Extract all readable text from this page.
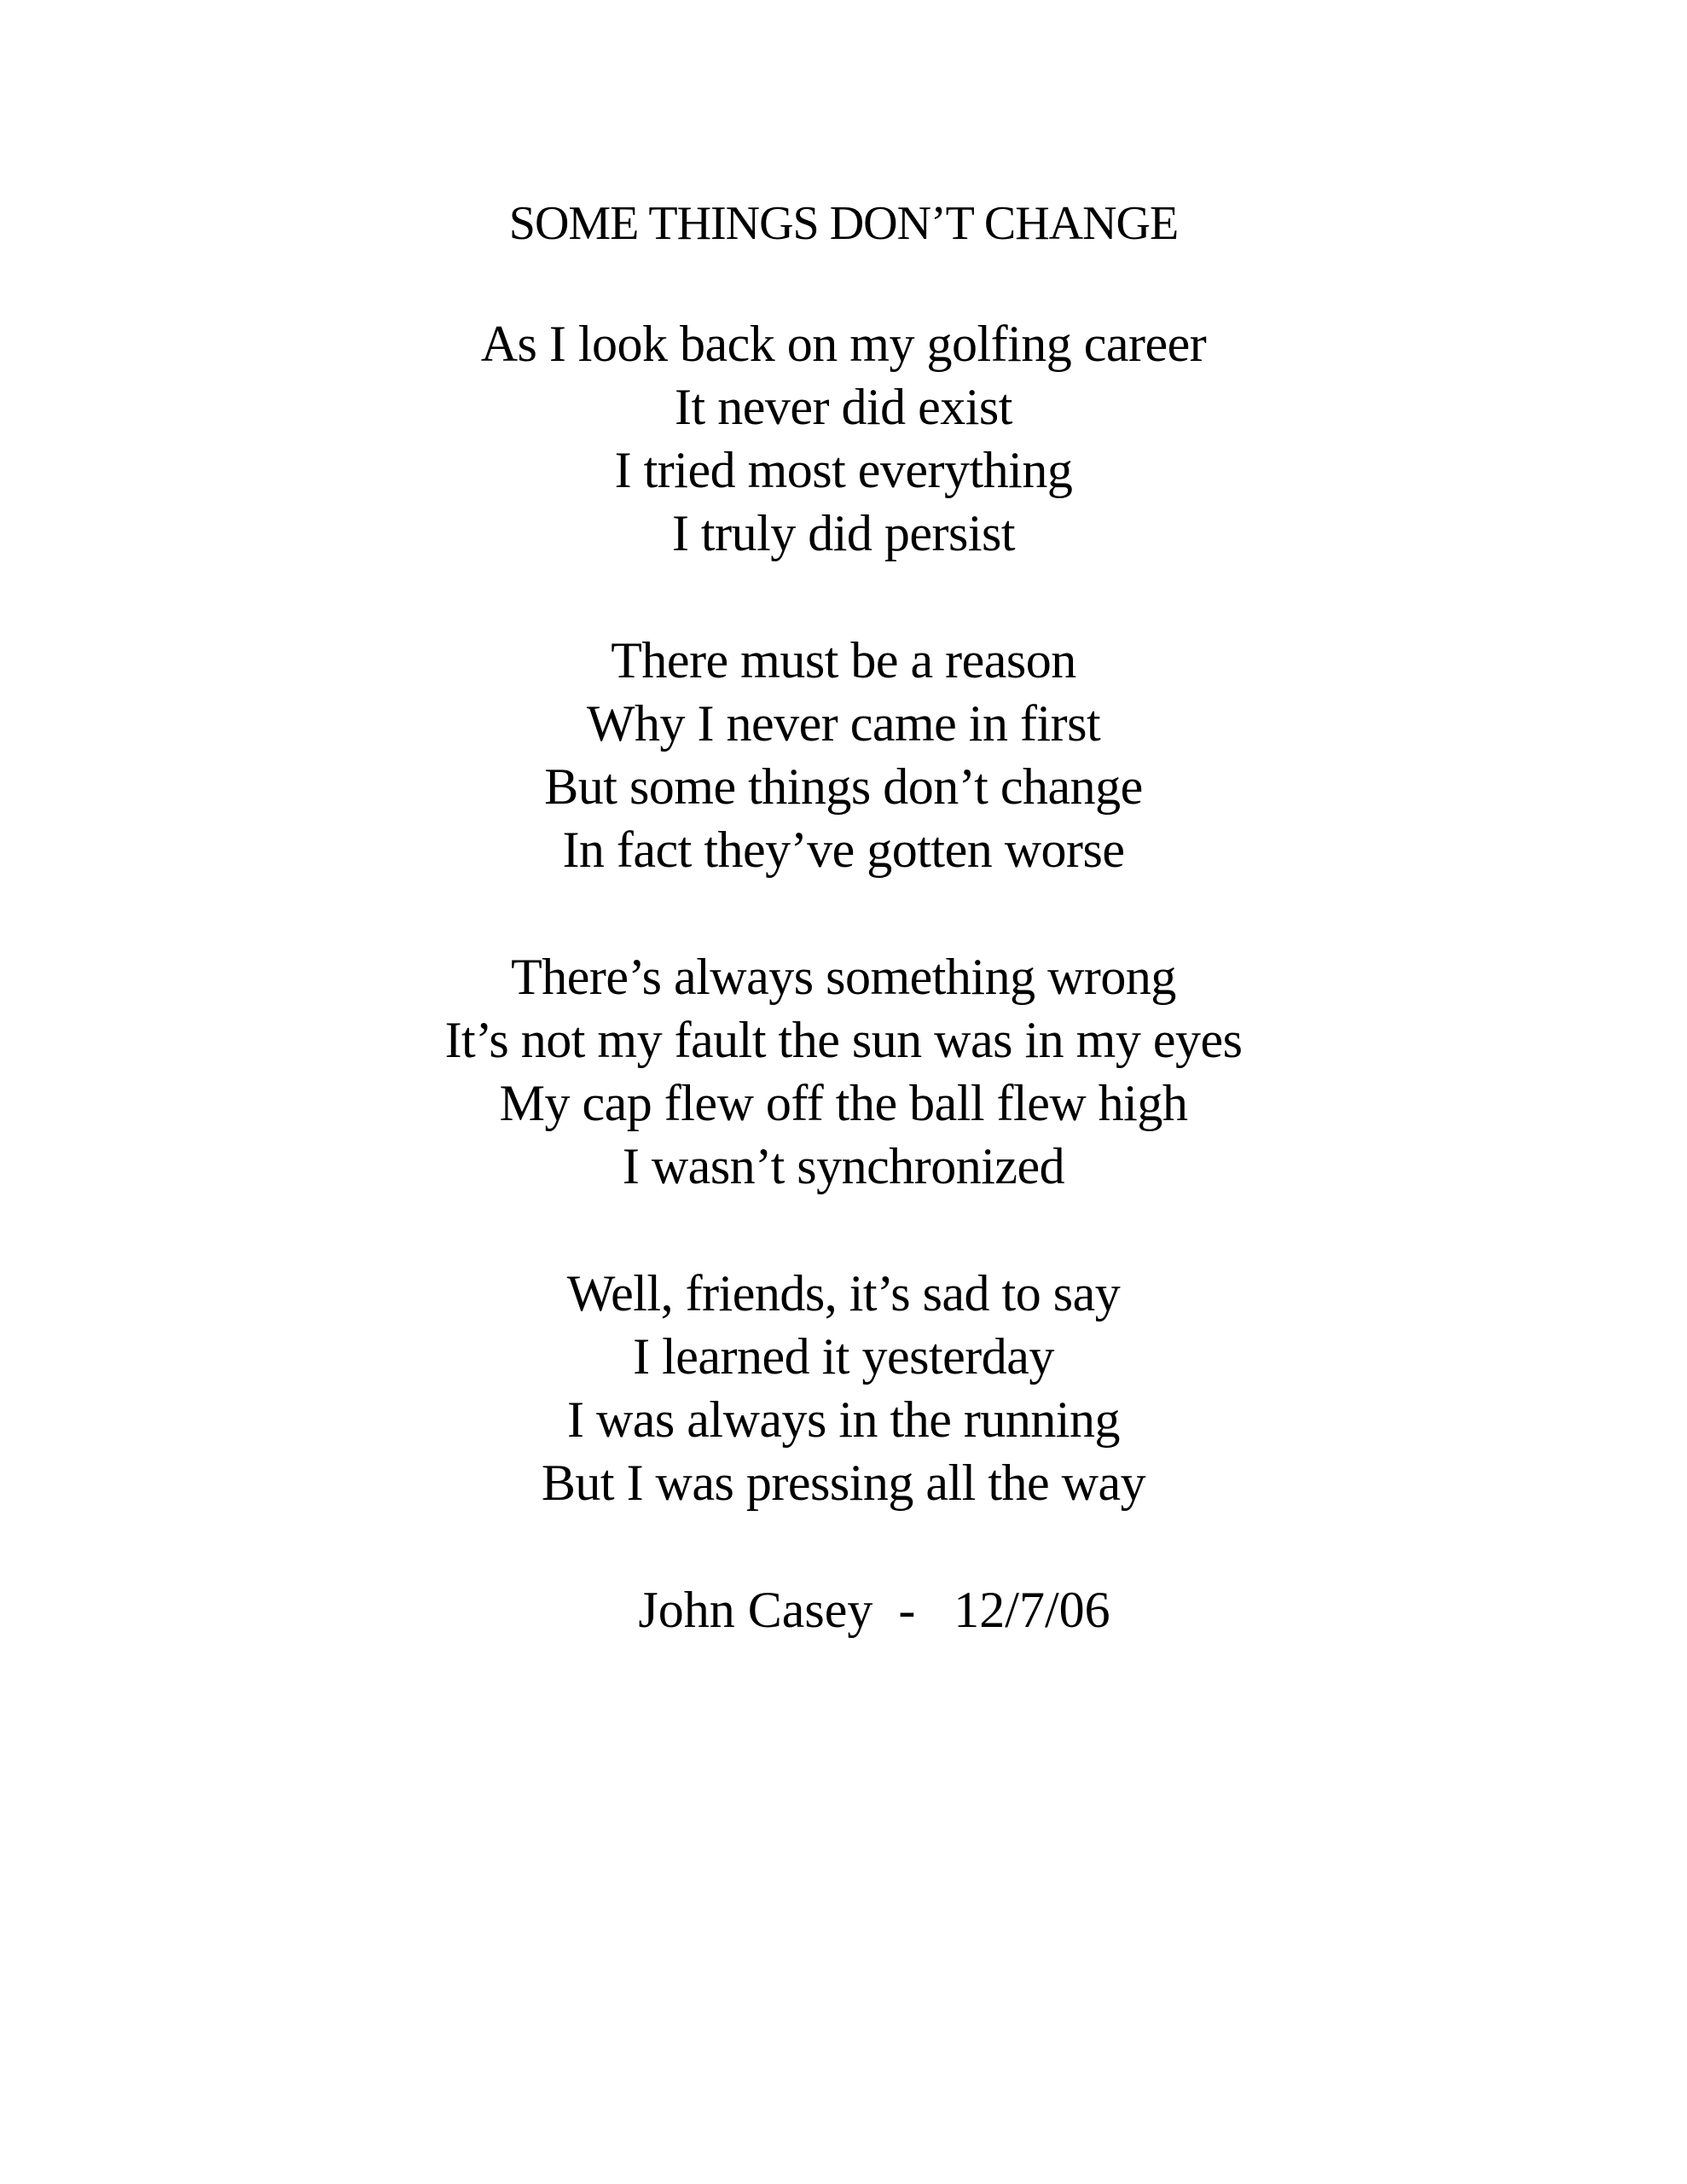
SOME THINGS DON’T CHANGE
As I look back on my golfing career
It never did exist
I tried most everything
I truly did persist
There must be a reason
Why I never came in first
But some things don’t change
In fact they’ve gotten worse
There’s always something wrong
It’s not my fault the sun was in my eyes
My cap flew off the ball flew high
I wasn’t synchronized
Well, friends, it’s sad to say
I learned it yesterday
I was always in the running
But I was pressing all the way
John Casey  -   12/7/06
